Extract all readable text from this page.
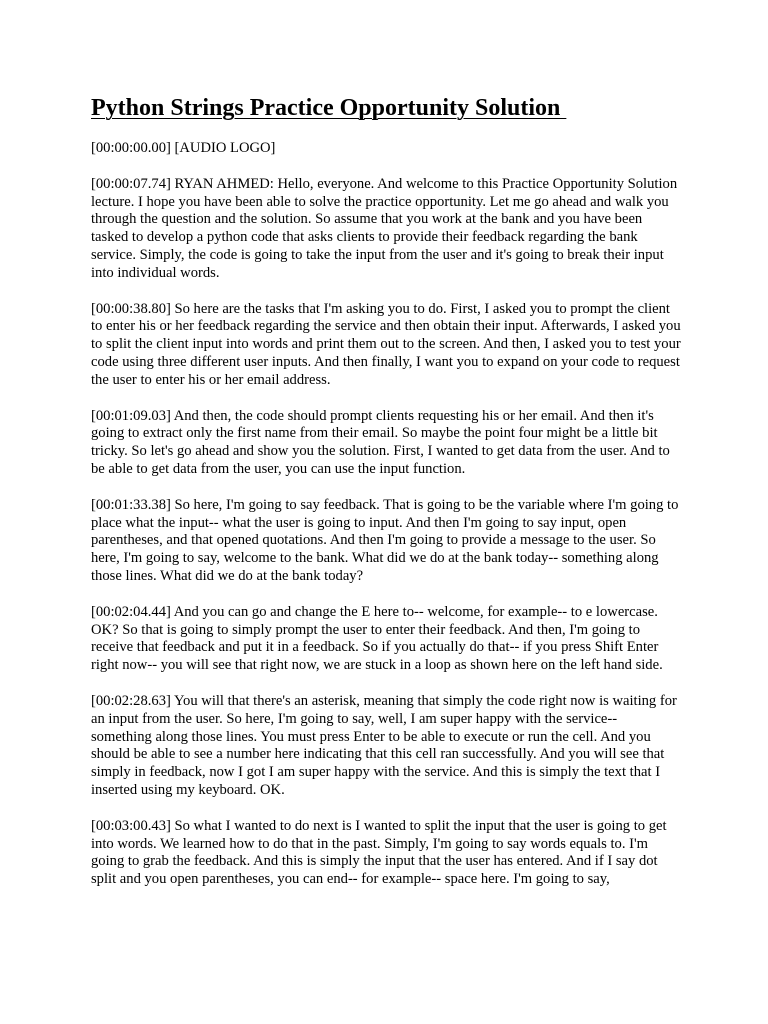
Python Strings Practice Opportunity Solution

[00:00:00.00] [AUDIO LOGO]

[00:00:07.74] RYAN AHMED: Hello, everyone. And welcome to this Practice Opportunity Solution lecture. I hope you have been able to solve the practice opportunity. Let me go ahead and walk you through the question and the solution. So assume that you work at the bank and you have been tasked to develop a python code that asks clients to provide their feedback regarding the bank service. Simply, the code is going to take the input from the user and it's going to break their input into individual words.

[00:00:38.80] So here are the tasks that I'm asking you to do. First, I asked you to prompt the client to enter his or her feedback regarding the service and then obtain their input. Afterwards, I asked you to split the client input into words and print them out to the screen. And then, I asked you to test your code using three different user inputs. And then finally, I want you to expand on your code to request the user to enter his or her email address.

[00:01:09.03] And then, the code should prompt clients requesting his or her email. And then it's going to extract only the first name from their email. So maybe the point four might be a little bit tricky. So let's go ahead and show you the solution. First, I wanted to get data from the user. And to be able to get data from the user, you can use the input function.

[00:01:33.38] So here, I'm going to say feedback. That is going to be the variable where I'm going to place what the input-- what the user is going to input. And then I'm going to say input, open parentheses, and that opened quotations. And then I'm going to provide a message to the user. So here, I'm going to say, welcome to the bank. What did we do at the bank today-- something along those lines. What did we do at the bank today?

[00:02:04.44] And you can go and change the E here to-- welcome, for example-- to e lowercase. OK? So that is going to simply prompt the user to enter their feedback. And then, I'm going to receive that feedback and put it in a feedback. So if you actually do that-- if you press Shift Enter right now-- you will see that right now, we are stuck in a loop as shown here on the left hand side.

[00:02:28.63] You will that there's an asterisk, meaning that simply the code right now is waiting for an input from the user. So here, I'm going to say, well, I am super happy with the service-- something along those lines. You must press Enter to be able to execute or run the cell. And you should be able to see a number here indicating that this cell ran successfully. And you will see that simply in feedback, now I got I am super happy with the service. And this is simply the text that I inserted using my keyboard. OK.

[00:03:00.43] So what I wanted to do next is I wanted to split the input that the user is going to get into words. We learned how to do that in the past. Simply, I'm going to say words equals to. I'm going to grab the feedback. And this is simply the input that the user has entered. And if I say dot split and you open parentheses, you can end-- for example-- space here. I'm going to say,
